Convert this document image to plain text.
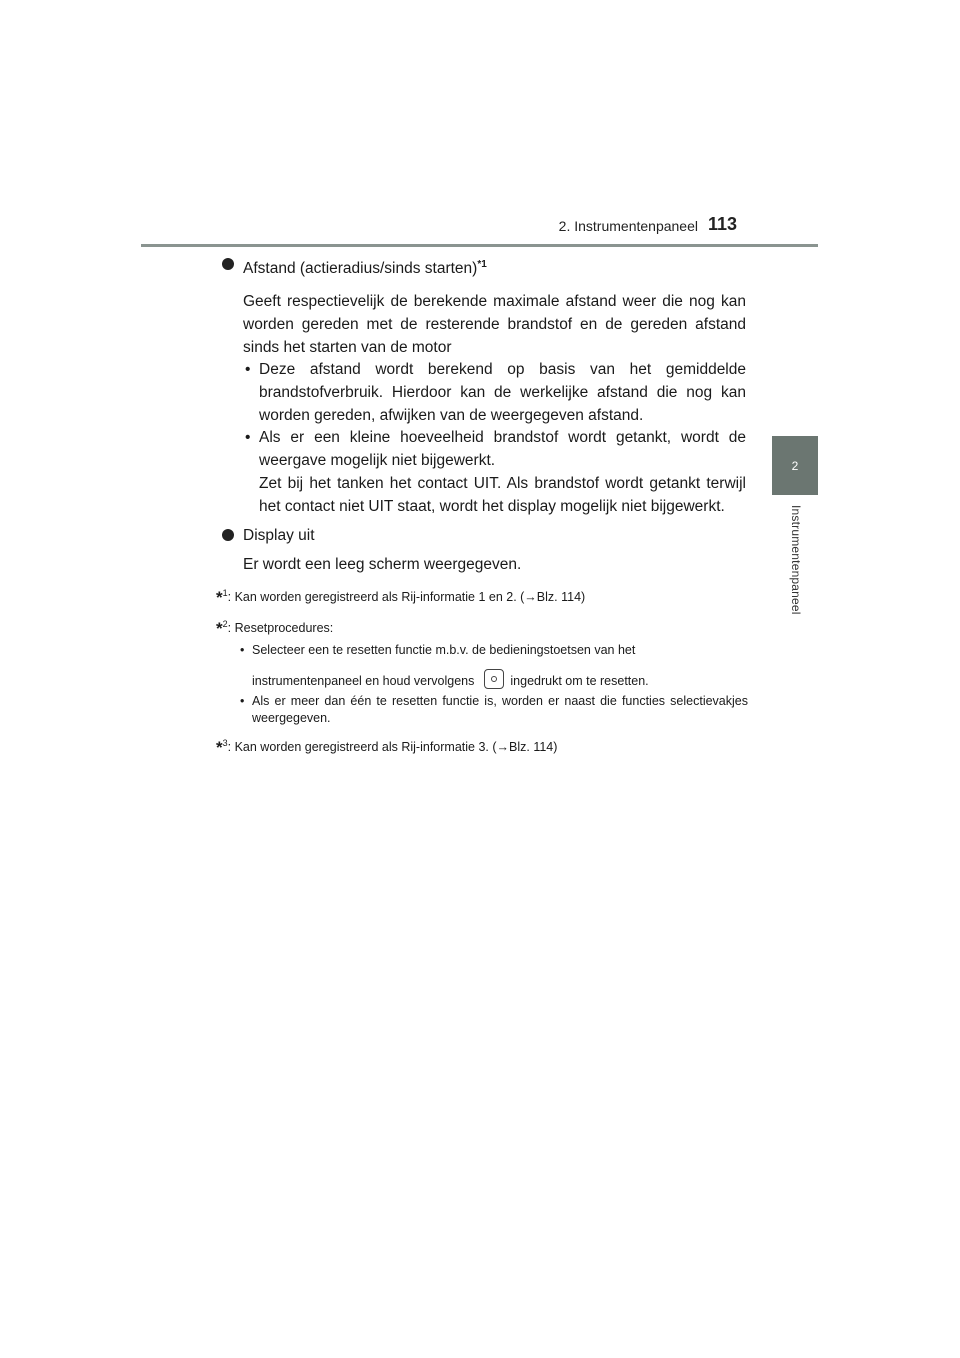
2. Instrumentenpaneel 113
2
Instrumentenpaneel
Afstand (actieradius/sinds starten)$^{*1}$
Geeft respectievelijk de berekende maximale afstand weer die nog kan worden gereden met de resterende brandstof en de gereden afstand sinds het starten van de motor
• Deze afstand wordt berekend op basis van het gemiddelde brandstofverbruik. Hierdoor kan de werkelijke afstand die nog kan worden gereden, afwijken van de weergegeven afstand.
• Als er een kleine hoeveelheid brandstof wordt getankt, wordt de weergave mogelijk niet bijgewerkt.
Zet bij het tanken het contact UIT. Als brandstof wordt getankt terwijl het contact niet UIT staat, wordt het display mogelijk niet bijgewerkt.
Display uit
Er wordt een leeg scherm weergegeven.
*$^1$: Kan worden geregistreerd als Rij-informatie 1 en 2. (→Blz. 114)
*$^2$: Resetprocedures:
• Selecteer een te resetten functie m.b.v. de bedieningstoetsen van het
instrumentenpaneel en houd vervolgens	ingedrukt om te resetten.
• Als er meer dan één te resetten functie is, worden er naast die functies selectievakjes weergegeven.
*$^3$: Kan worden geregistreerd als Rij-informatie 3. (→Blz. 114)
